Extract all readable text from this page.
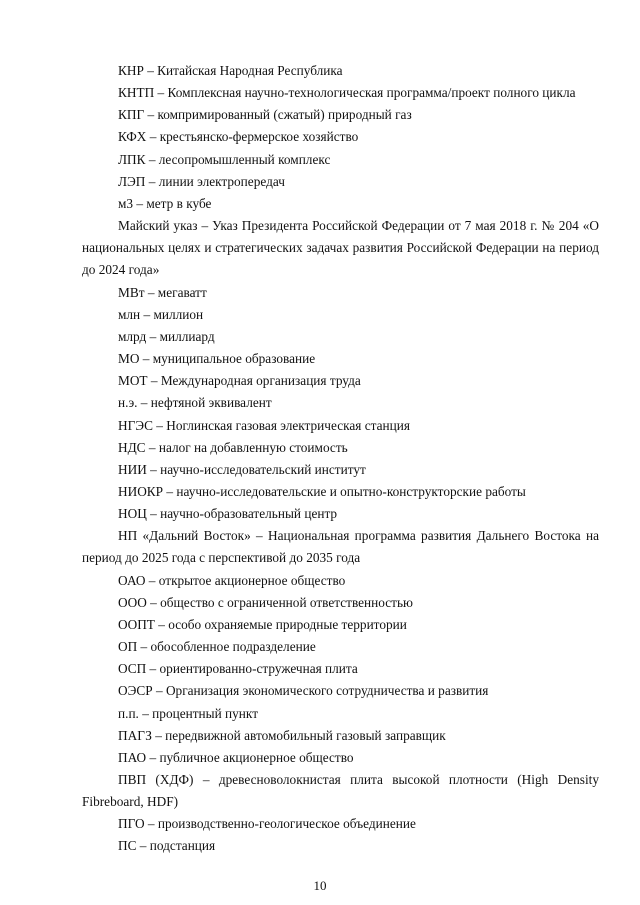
КНР – Китайская Народная Республика

КНТП – Комплексная научно-технологическая программа/проект полного цикла

КПГ – компримированный (сжатый) природный газ

КФХ – крестьянско-фермерское хозяйство

ЛПК – лесопромышленный комплекс

ЛЭП – линии электропередач

м3 – метр в кубе

Майский указ – Указ Президента Российской Федерации от 7 мая 2018 г. № 204 «О национальных целях и стратегических задачах развития Российской Федерации на период до 2024 года»

МВт – мегаватт

млн – миллион

млрд – миллиард

МО – муниципальное образование

МОТ – Международная организация труда

н.э. – нефтяной эквивалент

НГЭС – Ноглинская газовая электрическая станция

НДС – налог на добавленную стоимость

НИИ – научно-исследовательский институт

НИОКР – научно-исследовательские и опытно-конструкторские работы

НОЦ – научно-образовательный центр

НП «Дальний Восток» – Национальная программа развития Дальнего Востока на период до 2025 года с перспективой до 2035 года

ОАО – открытое акционерное общество

ООО – общество с ограниченной ответственностью

ООПТ – особо охраняемые природные территории

ОП – обособленное подразделение

ОСП – ориентированно-стружечная плита

ОЭСР – Организация экономического сотрудничества и развития

п.п. – процентный пункт

ПАГЗ – передвижной автомобильный газовый заправщик

ПАО – публичное акционерное общество

ПВП (ХДФ) – древесноволокнистая плита высокой плотности (High Density Fibreboard, HDF)

ПГО – производственно-геологическое объединение

ПС – подстанция

10
